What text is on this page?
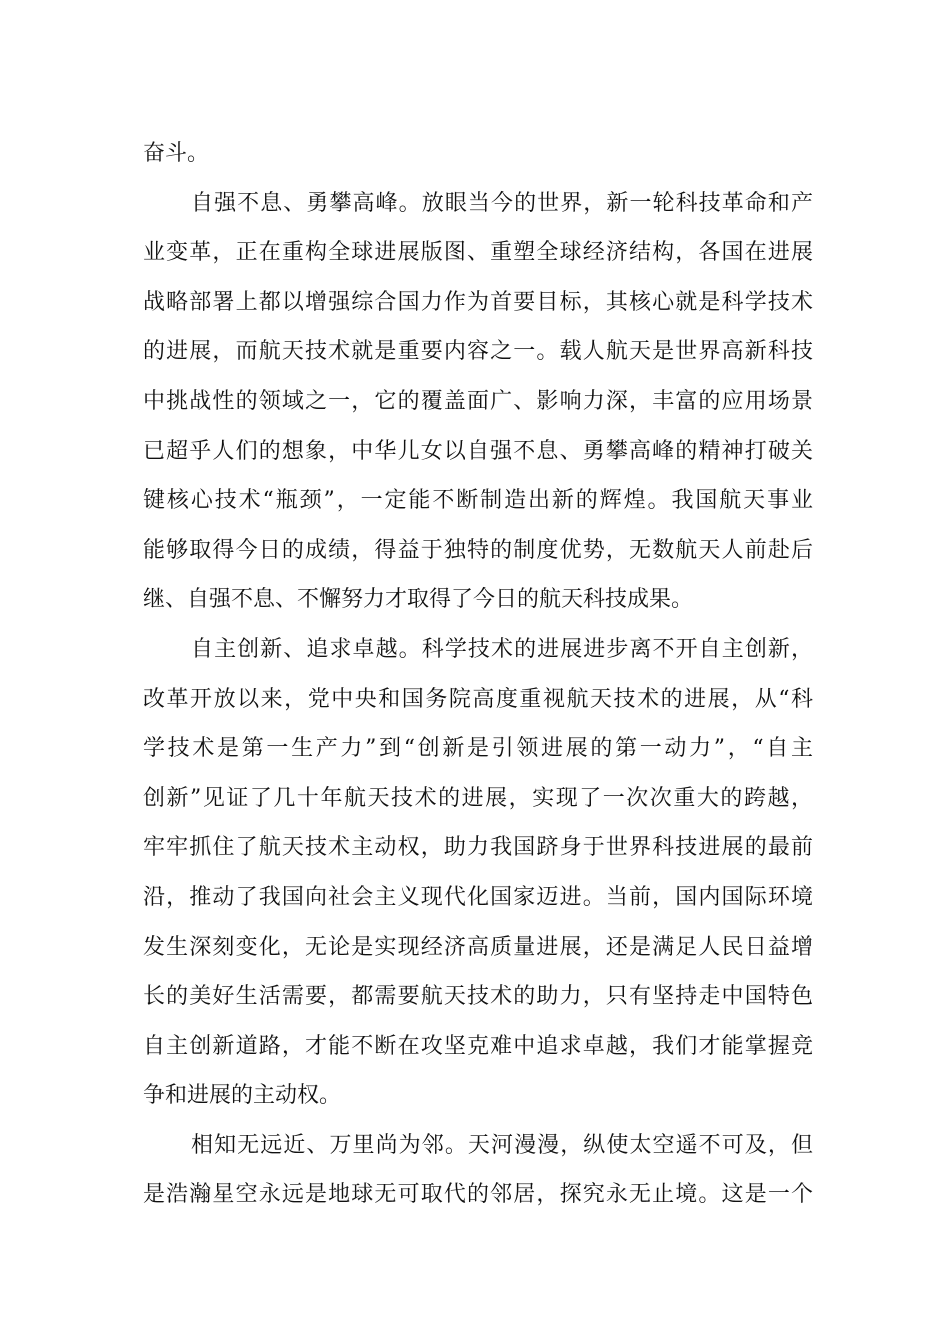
奋斗。
自强不息、勇攀高峰。放眼当今的世界，新一轮科技革命和产
业变革，正在重构全球进展版图、重塑全球经济结构，各国在进展
战略部署上都以增强综合国力作为首要目标，其核心就是科学技术
的进展，而航天技术就是重要内容之一。载人航天是世界高新科技
中挑战性的领域之一，它的覆盖面广、影响力深，丰富的应用场景
已超乎人们的想象，中华儿女以自强不息、勇攀高峰的精神打破关
键核心技术“瓶颈”，一定能不断制造出新的辉煌。我国航天事业
能够取得今日的成绩，得益于独特的制度优势，无数航天人前赴后
继、自强不息、不懈努力才取得了今日的航天科技成果。
自主创新、追求卓越。科学技术的进展进步离不开自主创新，
改革开放以来，党中央和国务院高度重视航天技术的进展，从“科
学技术是第一生产力”到“创新是引领进展的第一动力”，“自主
创新”见证了几十年航天技术的进展，实现了一次次重大的跨越，
牢牢抓住了航天技术主动权，助力我国跻身于世界科技进展的最前
沿，推动了我国向社会主义现代化国家迈进。当前，国内国际环境
发生深刻变化，无论是实现经济高质量进展，还是满足人民日益增
长的美好生活需要，都需要航天技术的助力，只有坚持走中国特色
自主创新道路，才能不断在攻坚克难中追求卓越，我们才能掌握竞
争和进展的主动权。
相知无远近、万里尚为邻。天河漫漫，纵使太空遥不可及，但
是浩瀚星空永远是地球无可取代的邻居，探究永无止境。这是一个
